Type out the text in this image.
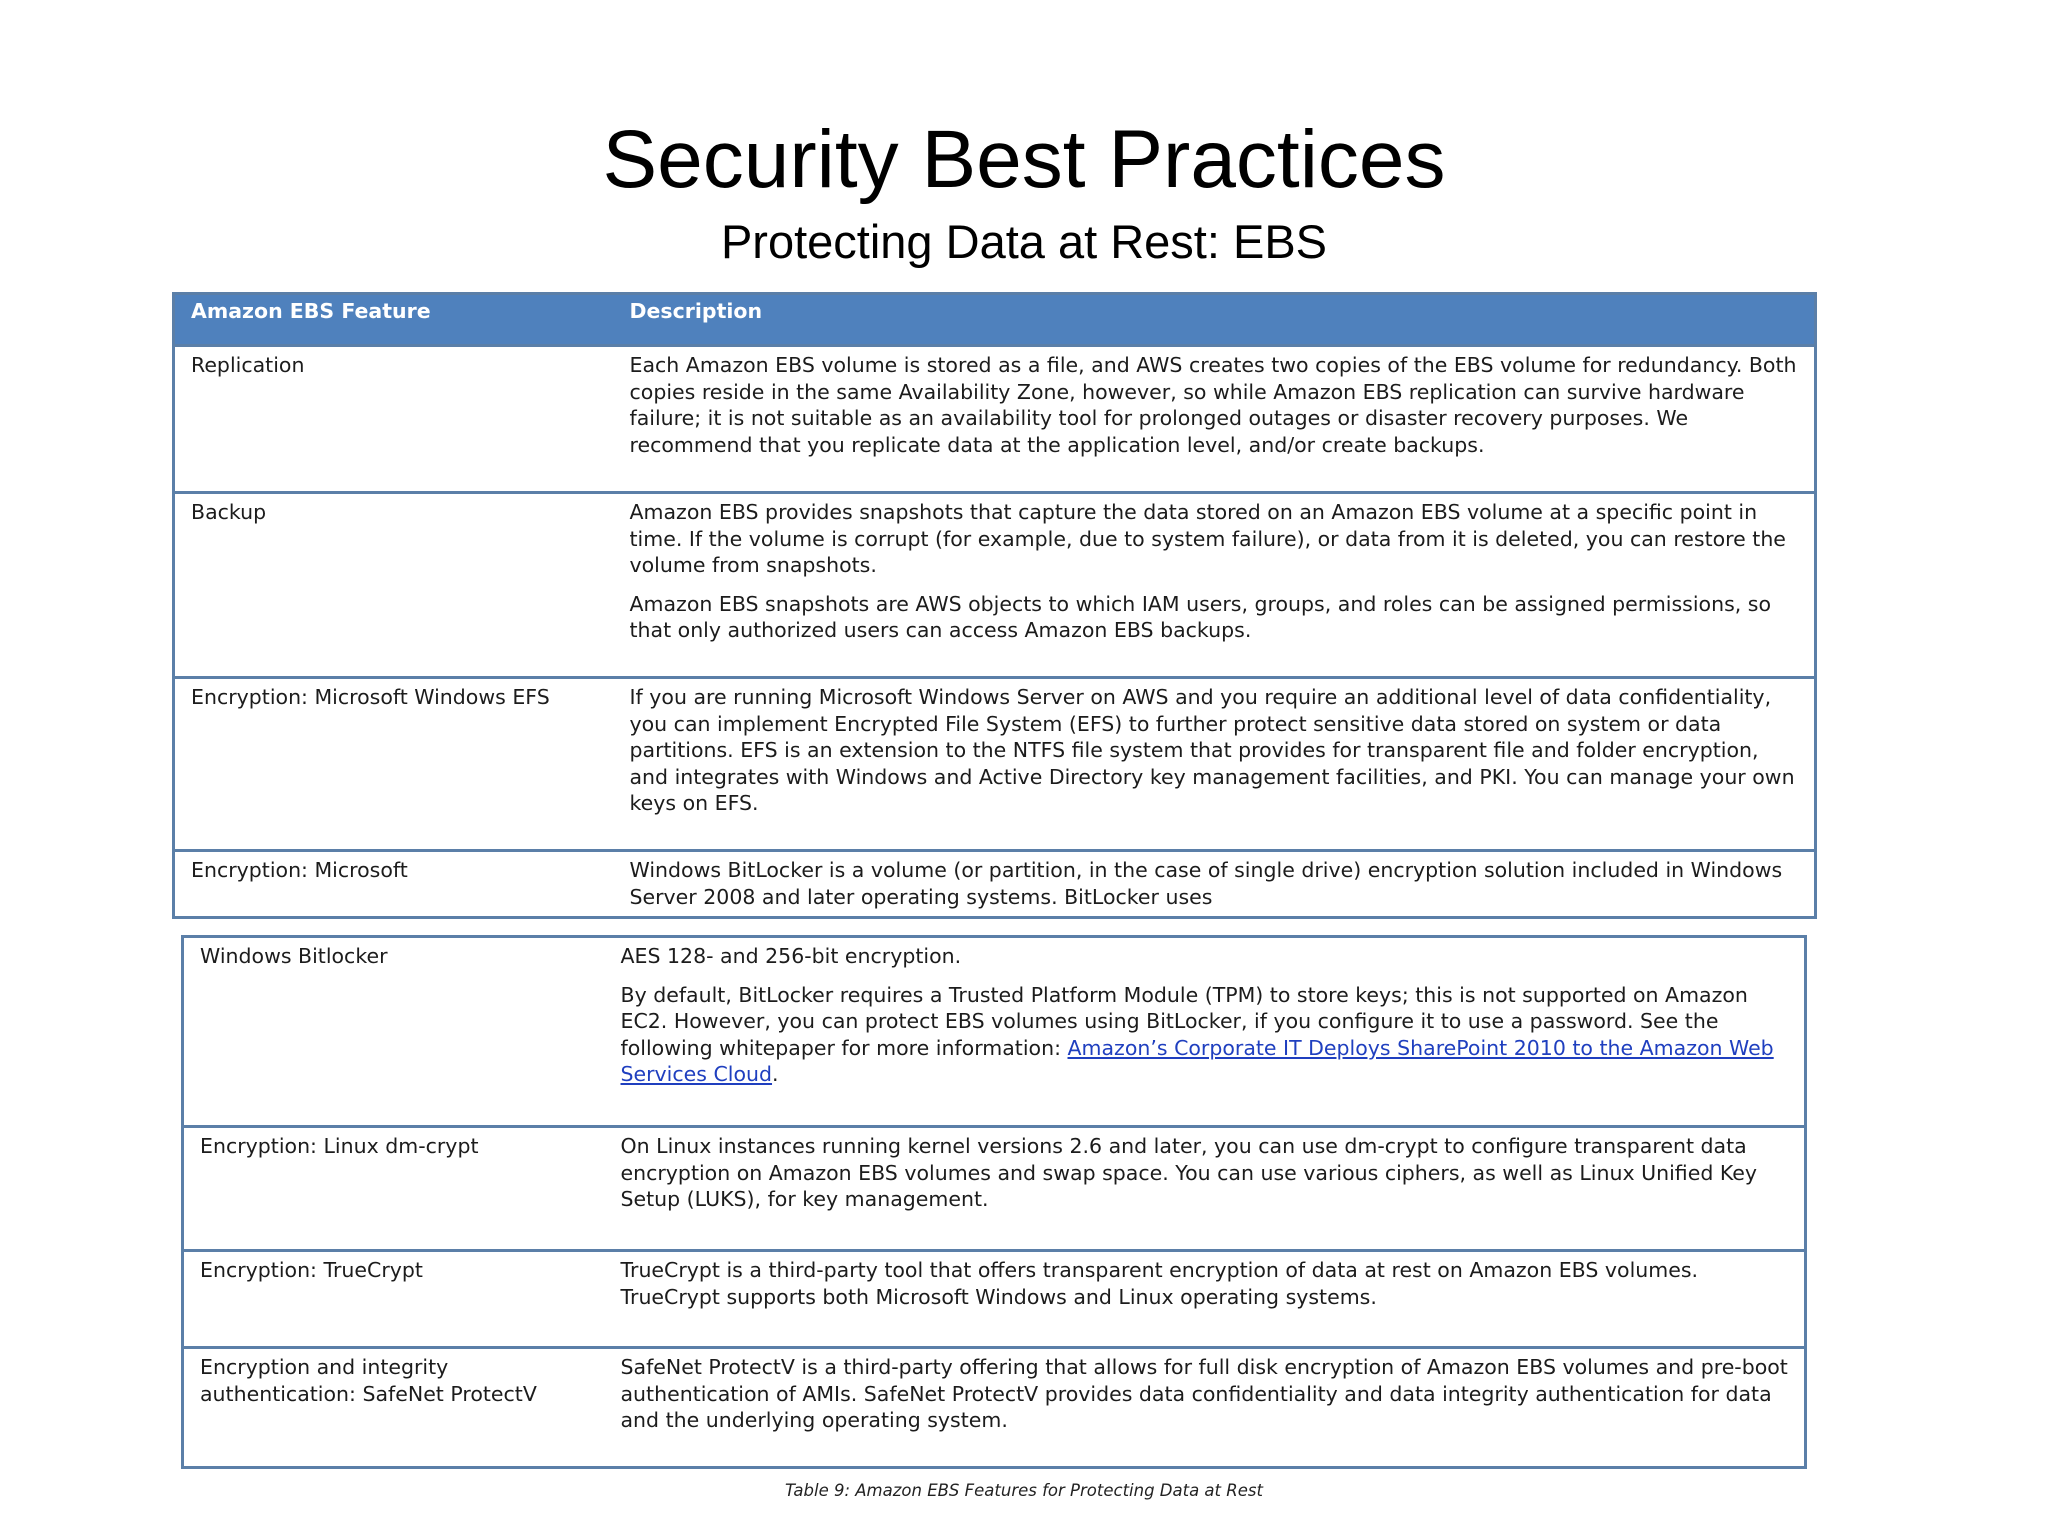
Security Best Practices
Protecting Data at Rest: EBS
Amazon EBS Feature	Description
Replication	Each Amazon EBS volume is stored as a file, and AWS creates two copies of the EBS volume for redundancy. Both copies reside in the same Availability Zone, however, so while Amazon EBS replication can survive hardware failure; it is not suitable as an availability tool for prolonged outages or disaster recovery purposes. We recommend that you replicate data at the application level, and/or create backups.

Backup	Amazon EBS provides snapshots that capture the data stored on an Amazon EBS volume at a specific point in time. If the volume is corrupt (for example, due to system failure), or data from it is deleted, you can restore the volume from snapshots.
Amazon EBS snapshots are AWS objects to which IAM users, groups, and roles can be assigned permissions, so that only authorized users can access Amazon EBS backups.

Encryption: Microsoft Windows EFS	If you are running Microsoft Windows Server on AWS and you require an additional level of data confidentiality, you can implement Encrypted File System (EFS) to further protect sensitive data stored on system or data partitions. EFS is an extension to the NTFS file system that provides for transparent file and folder encryption, and integrates with Windows and Active Directory key management facilities, and PKI. You can manage your own keys on EFS.

Encryption: Microsoft	Windows BitLocker is a volume (or partition, in the case of single drive) encryption solution included in Windows Server 2008 and later operating systems. BitLocker uses
Windows Bitlocker	AES 128- and 256-bit encryption.
By default, BitLocker requires a Trusted Platform Module (TPM) to store keys; this is not supported on Amazon EC2. However, you can protect EBS volumes using BitLocker, if you configure it to use a password. See the following whitepaper for more information: Amazon’s Corporate IT Deploys SharePoint 2010 to the Amazon Web Services Cloud.

Encryption: Linux dm-crypt	On Linux instances running kernel versions 2.6 and later, you can use dm-crypt to configure transparent data encryption on Amazon EBS volumes and swap space. You can use various ciphers, as well as Linux Unified Key Setup (LUKS), for key management.

Encryption: TrueCrypt	TrueCrypt is a third-party tool that offers transparent encryption of data at rest on Amazon EBS volumes. TrueCrypt supports both Microsoft Windows and Linux operating systems.

Encryption and integrity authentication: SafeNet ProtectV	SafeNet ProtectV is a third-party offering that allows for full disk encryption of Amazon EBS volumes and pre-boot authentication of AMIs. SafeNet ProtectV provides data confidentiality and data integrity authentication for data and the underlying operating system.
Table 9: Amazon EBS Features for Protecting Data at Rest
